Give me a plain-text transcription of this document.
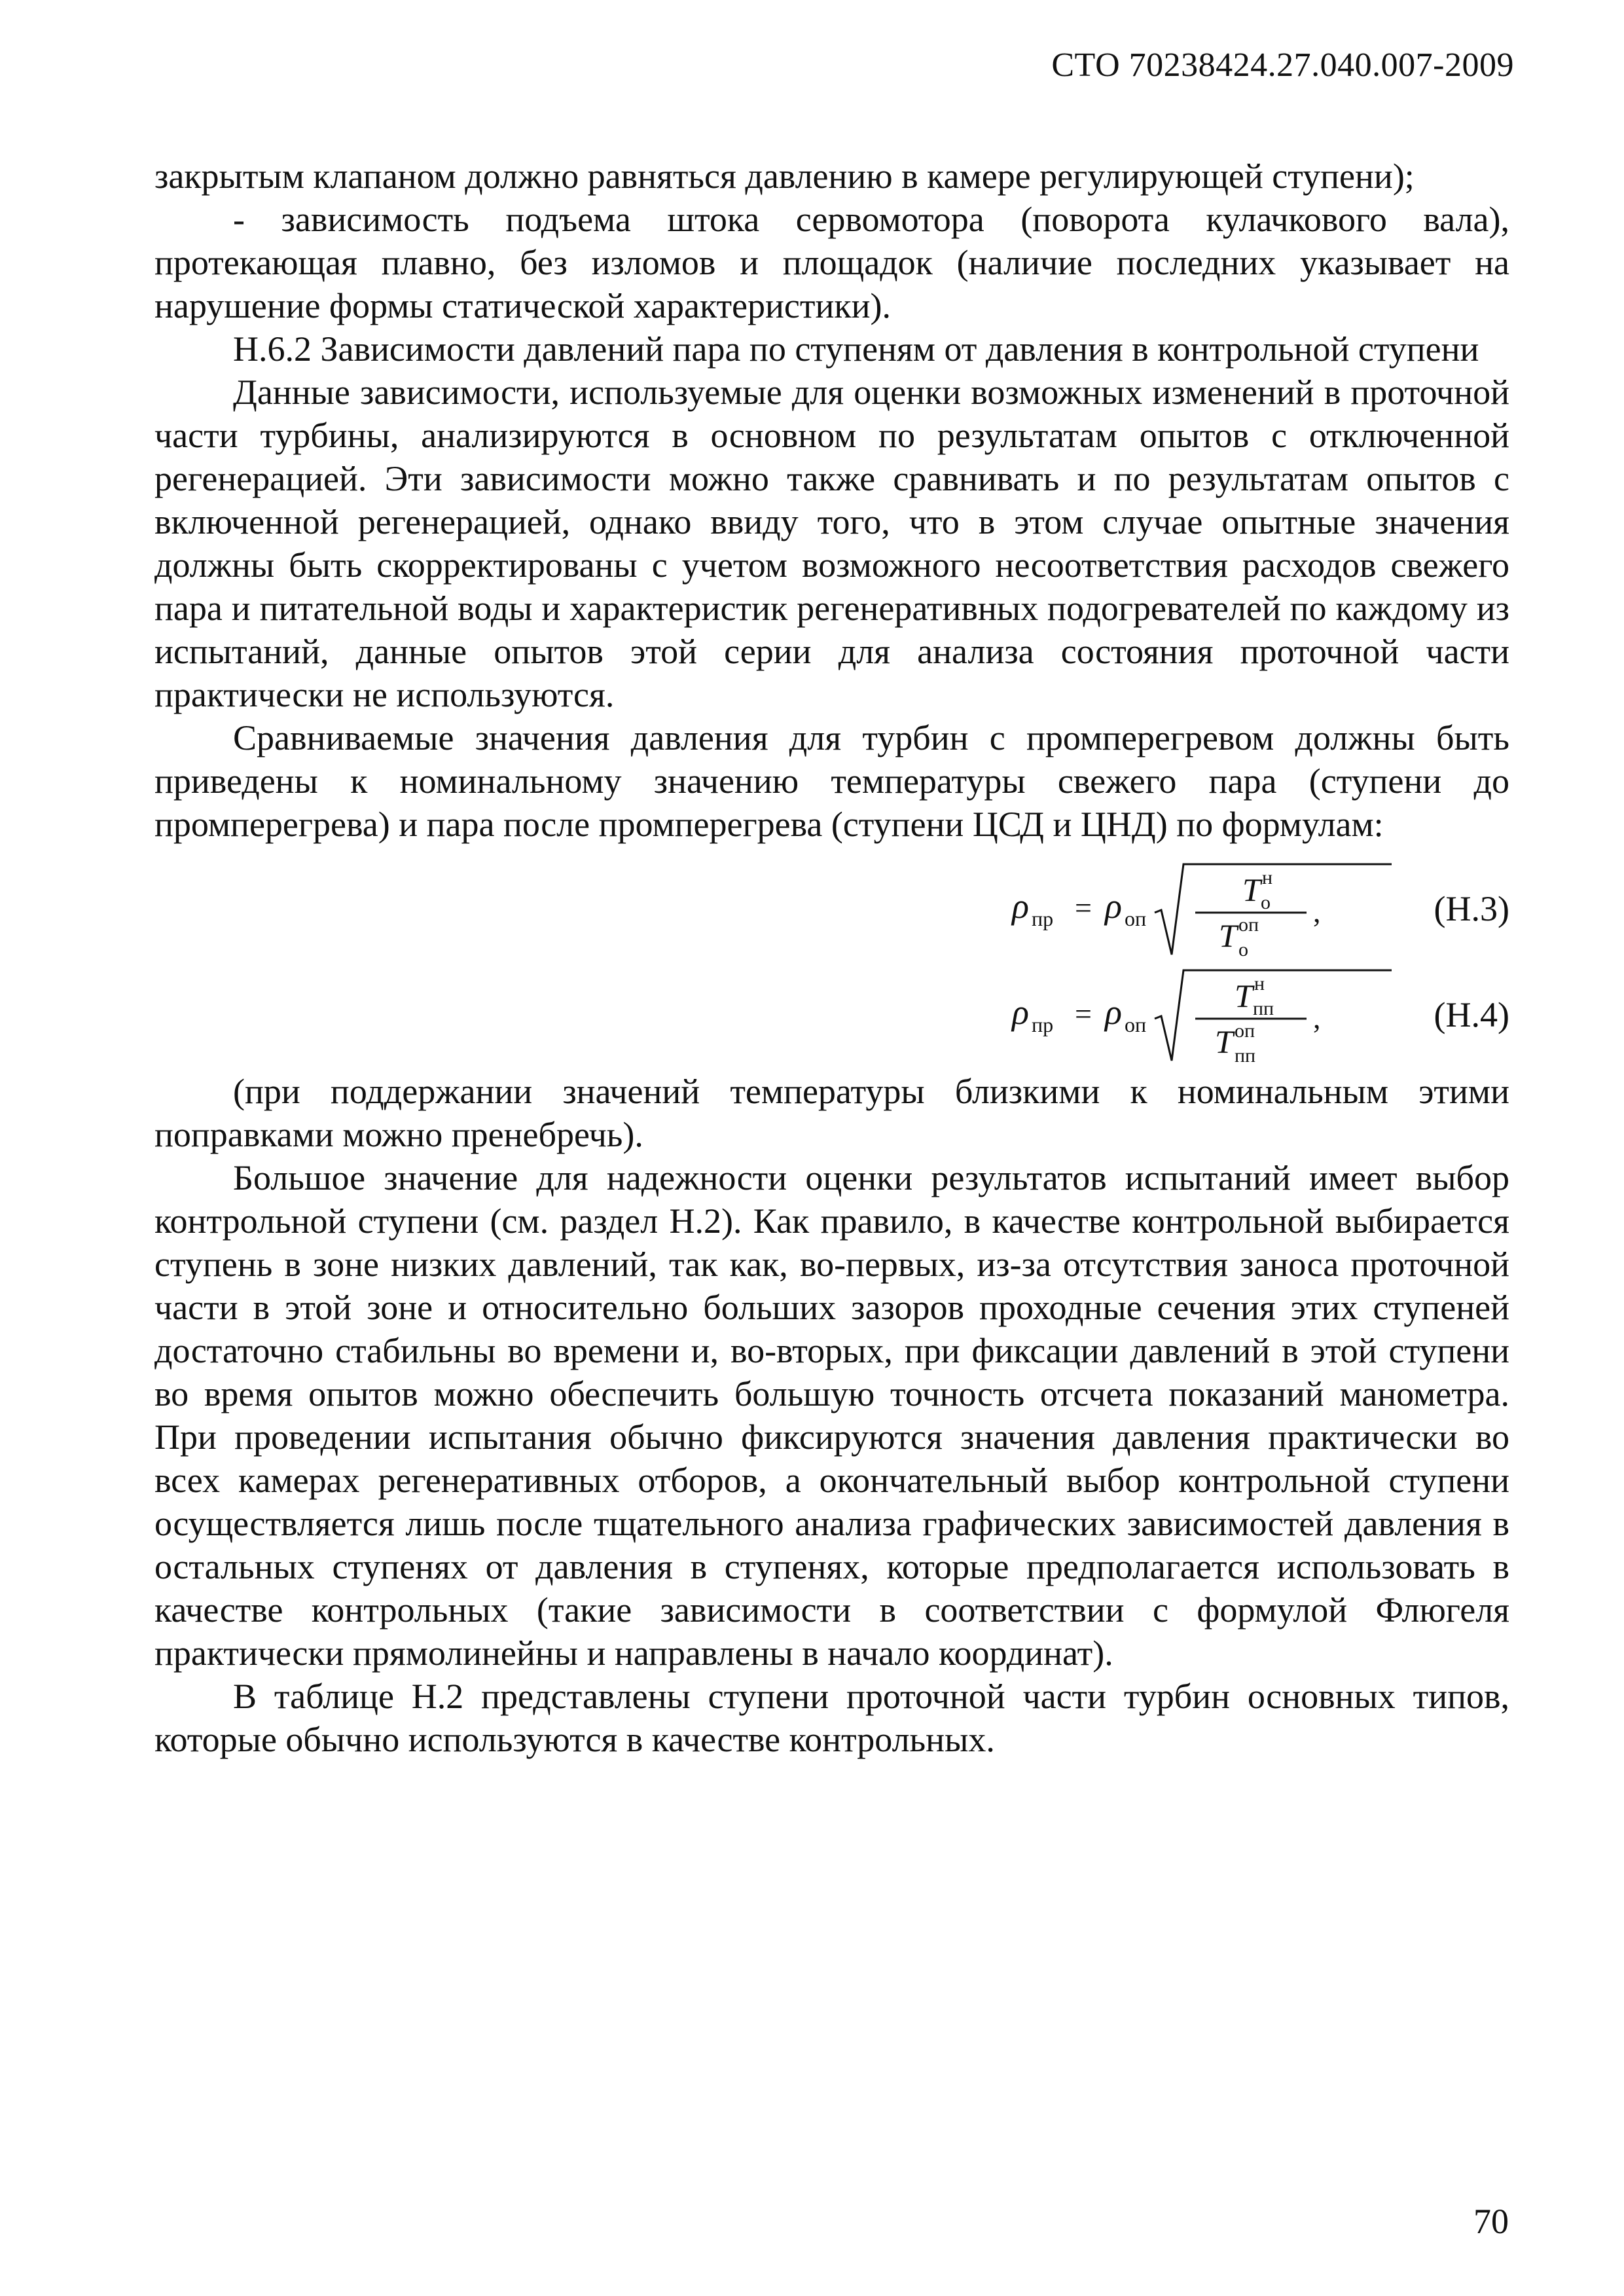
СТО 70238424.27.040.007-2009

закрытым клапаном должно равняться давлению в камере регулирующей ступени);

- зависимость подъема штока сервомотора (поворота кулачкового вала), протекающая плавно, без изломов и площадок (наличие последних указывает на нарушение формы статической характеристики).

Н.6.2 Зависимости давлений пара по ступеням от давления в контрольной ступени

Данные зависимости, используемые для оценки возможных изменений в проточной части турбины, анализируются в основном по результатам опытов с отключенной регенерацией. Эти зависимости можно также сравнивать и по результатам опытов с включенной регенерацией, однако ввиду того, что в этом случае опытные значения должны быть скорректированы с учетом возможного несоответствия расходов свежего пара и питательной воды и характеристик регенеративных подогревателей по каждому из испытаний, данные опытов этой серии для анализа состояния проточной части практически не используются.

Сравниваемые значения давления для турбин с промперегревом должны быть приведены к номинальному значению температуры свежего пара (ступени до промперегрева) и пара после промперегрева (ступени ЦСД и ЦНД) по формулам:

ρ пр = ρ оп
T н
о
T оп
о
,	(Н.3)
ρ пр = ρ оп
T н
пп
T оп
пп
,	(Н.4)

(при поддержании значений температуры близкими к номинальным этими поправками можно пренебречь).

Большое значение для надежности оценки результатов испытаний имеет выбор контрольной ступени (см. раздел Н.2). Как правило, в качестве контрольной выбирается ступень в зоне низких давлений, так как, во-первых, из-за отсутствия заноса проточной части в этой зоне и относительно больших зазоров проходные сечения этих ступеней достаточно стабильны во времени и, во-вторых, при фиксации давлений в этой ступени во время опытов можно обеспечить большую точность отсчета показаний манометра. При проведении испытания обычно фиксируются значения давления практически во всех камерах регенеративных отборов, а окончательный выбор контрольной ступени осуществляется лишь после тщательного анализа графических зависимостей давления в остальных ступенях от давления в ступенях, которые предполагается использовать в качестве контрольных (такие зависимости в соответствии с формулой Флюгеля практически прямолинейны и направлены в начало координат).

В таблице Н.2 представлены ступени проточной части турбин основных типов, которые обычно используются в качестве контрольных.

70
